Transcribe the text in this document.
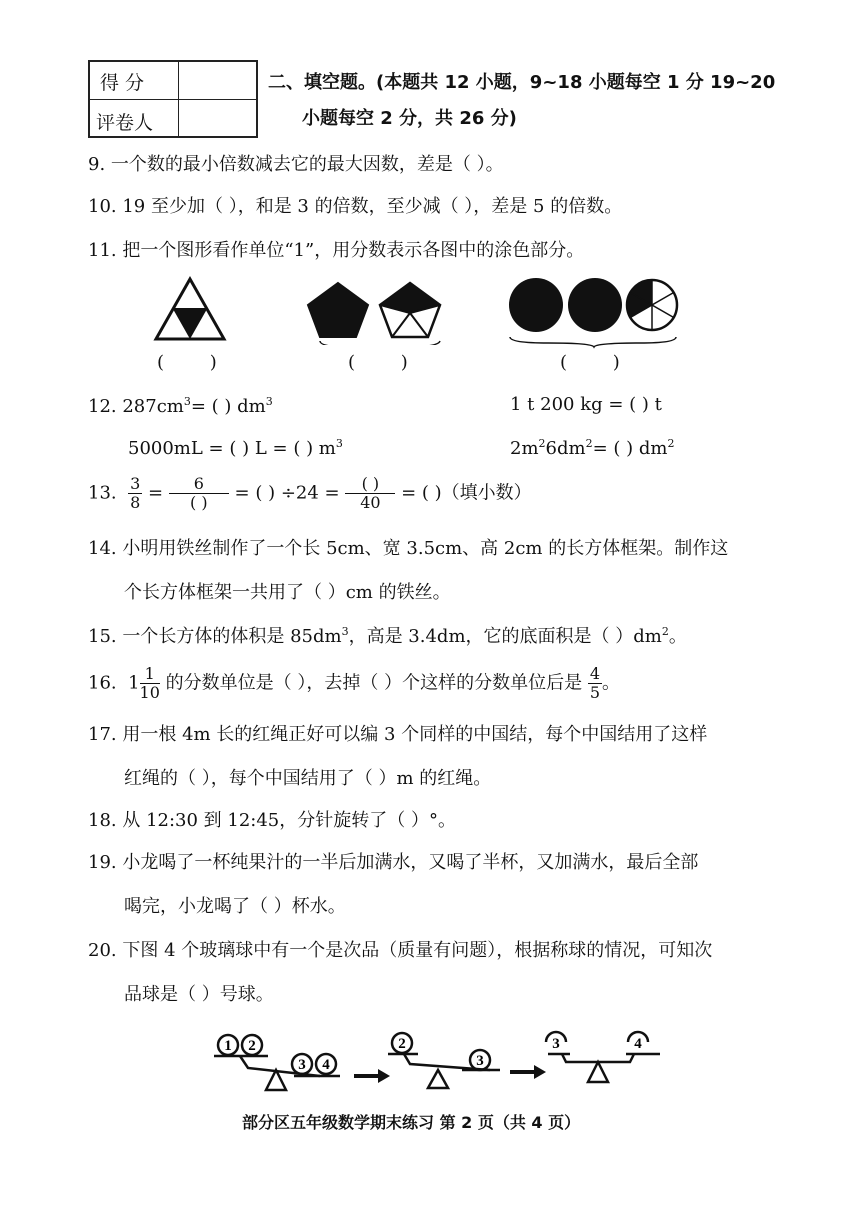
得 分
评卷人
二、填空题。(本题共 12 小题，9~18 小题每空 1 分 19~20
小题每空 2 分，共 26 分)
9. 一个数的最小倍数减去它的最大因数，差是（ ）。
10. 19 至少加（ ），和是 3 的倍数，至少减（ ），差是 5 的倍数。
11. 把一个图形看作单位“1”，用分数表示各图中的涂色部分。
(        )	(        )	(        )
12. $287cm^3=$ ( ) $dm^3$	1 t 200 kg = ( ) t
5000mL = ( ) L = ( ) $m^3$	$2m^26dm^2=$ ( ) $dm^2$
13. $\frac{3}{8} = \frac{6}{( )}$ = ( ) $\div 24 = \frac{( )}{40}$ = ( )（填小数）
14. 小明用铁丝制作了一个长 5cm、宽 3.5cm、高 2cm 的长方体框架。制作这
个长方体框架一共用了（ ）cm 的铁丝。
15. 一个长方体的体积是 $85dm^3$，高是 3.4dm，它的底面积是（ ）$dm^2$。
16. $1 \frac{1}{10}$ 的分数单位是（ ），去掉（ ）个这样的分数单位后是 $\frac{4}{5}$ 。
17. 用一根 4m 长的红绳正好可以编 3 个同样的中国结，每个中国结用了这样
红绳的（ ），每个中国结用了（ ）m 的红绳。
18. 从 12:30 到 12:45，分针旋转了（ ）°。
19. 小龙喝了一杯纯果汁的一半后加满水，又喝了半杯，又加满水，最后全部
喝完，小龙喝了（ ）杯水。
20. 下图 4 个玻璃球中有一个是次品（质量有问题），根据称球的情况，可知次
品球是（ ）号球。
1 2
3 4
2
3
3	4
部分区五年级数学期末练习 第 2 页（共 4 页）
